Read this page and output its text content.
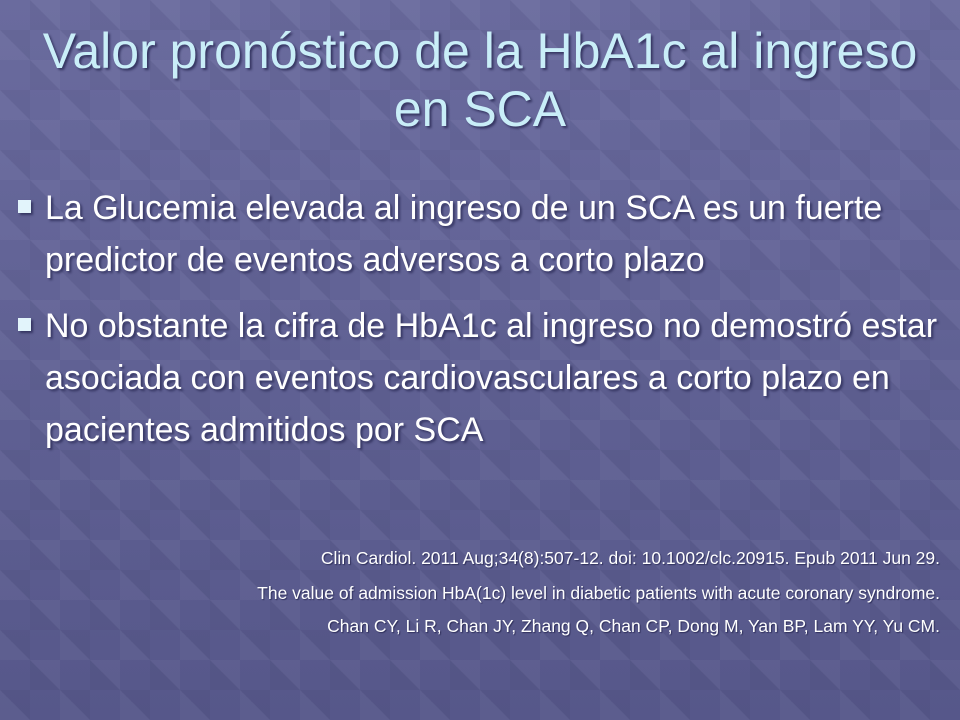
Valor pronóstico de la HbA1c al ingreso en SCA
La Glucemia elevada al ingreso de un SCA es un fuerte predictor de eventos adversos a corto plazo
No obstante la cifra de HbA1c al ingreso no demostró estar asociada con eventos cardiovasculares a corto plazo en pacientes admitidos por SCA

Clin Cardiol. 2011 Aug;34(8):507-12. doi: 10.1002/clc.20915. Epub 2011 Jun 29.

The value of admission HbA(1c) level in diabetic patients with acute coronary syndrome.

Chan CY, Li R, Chan JY, Zhang Q, Chan CP, Dong M, Yan BP, Lam YY, Yu CM.
